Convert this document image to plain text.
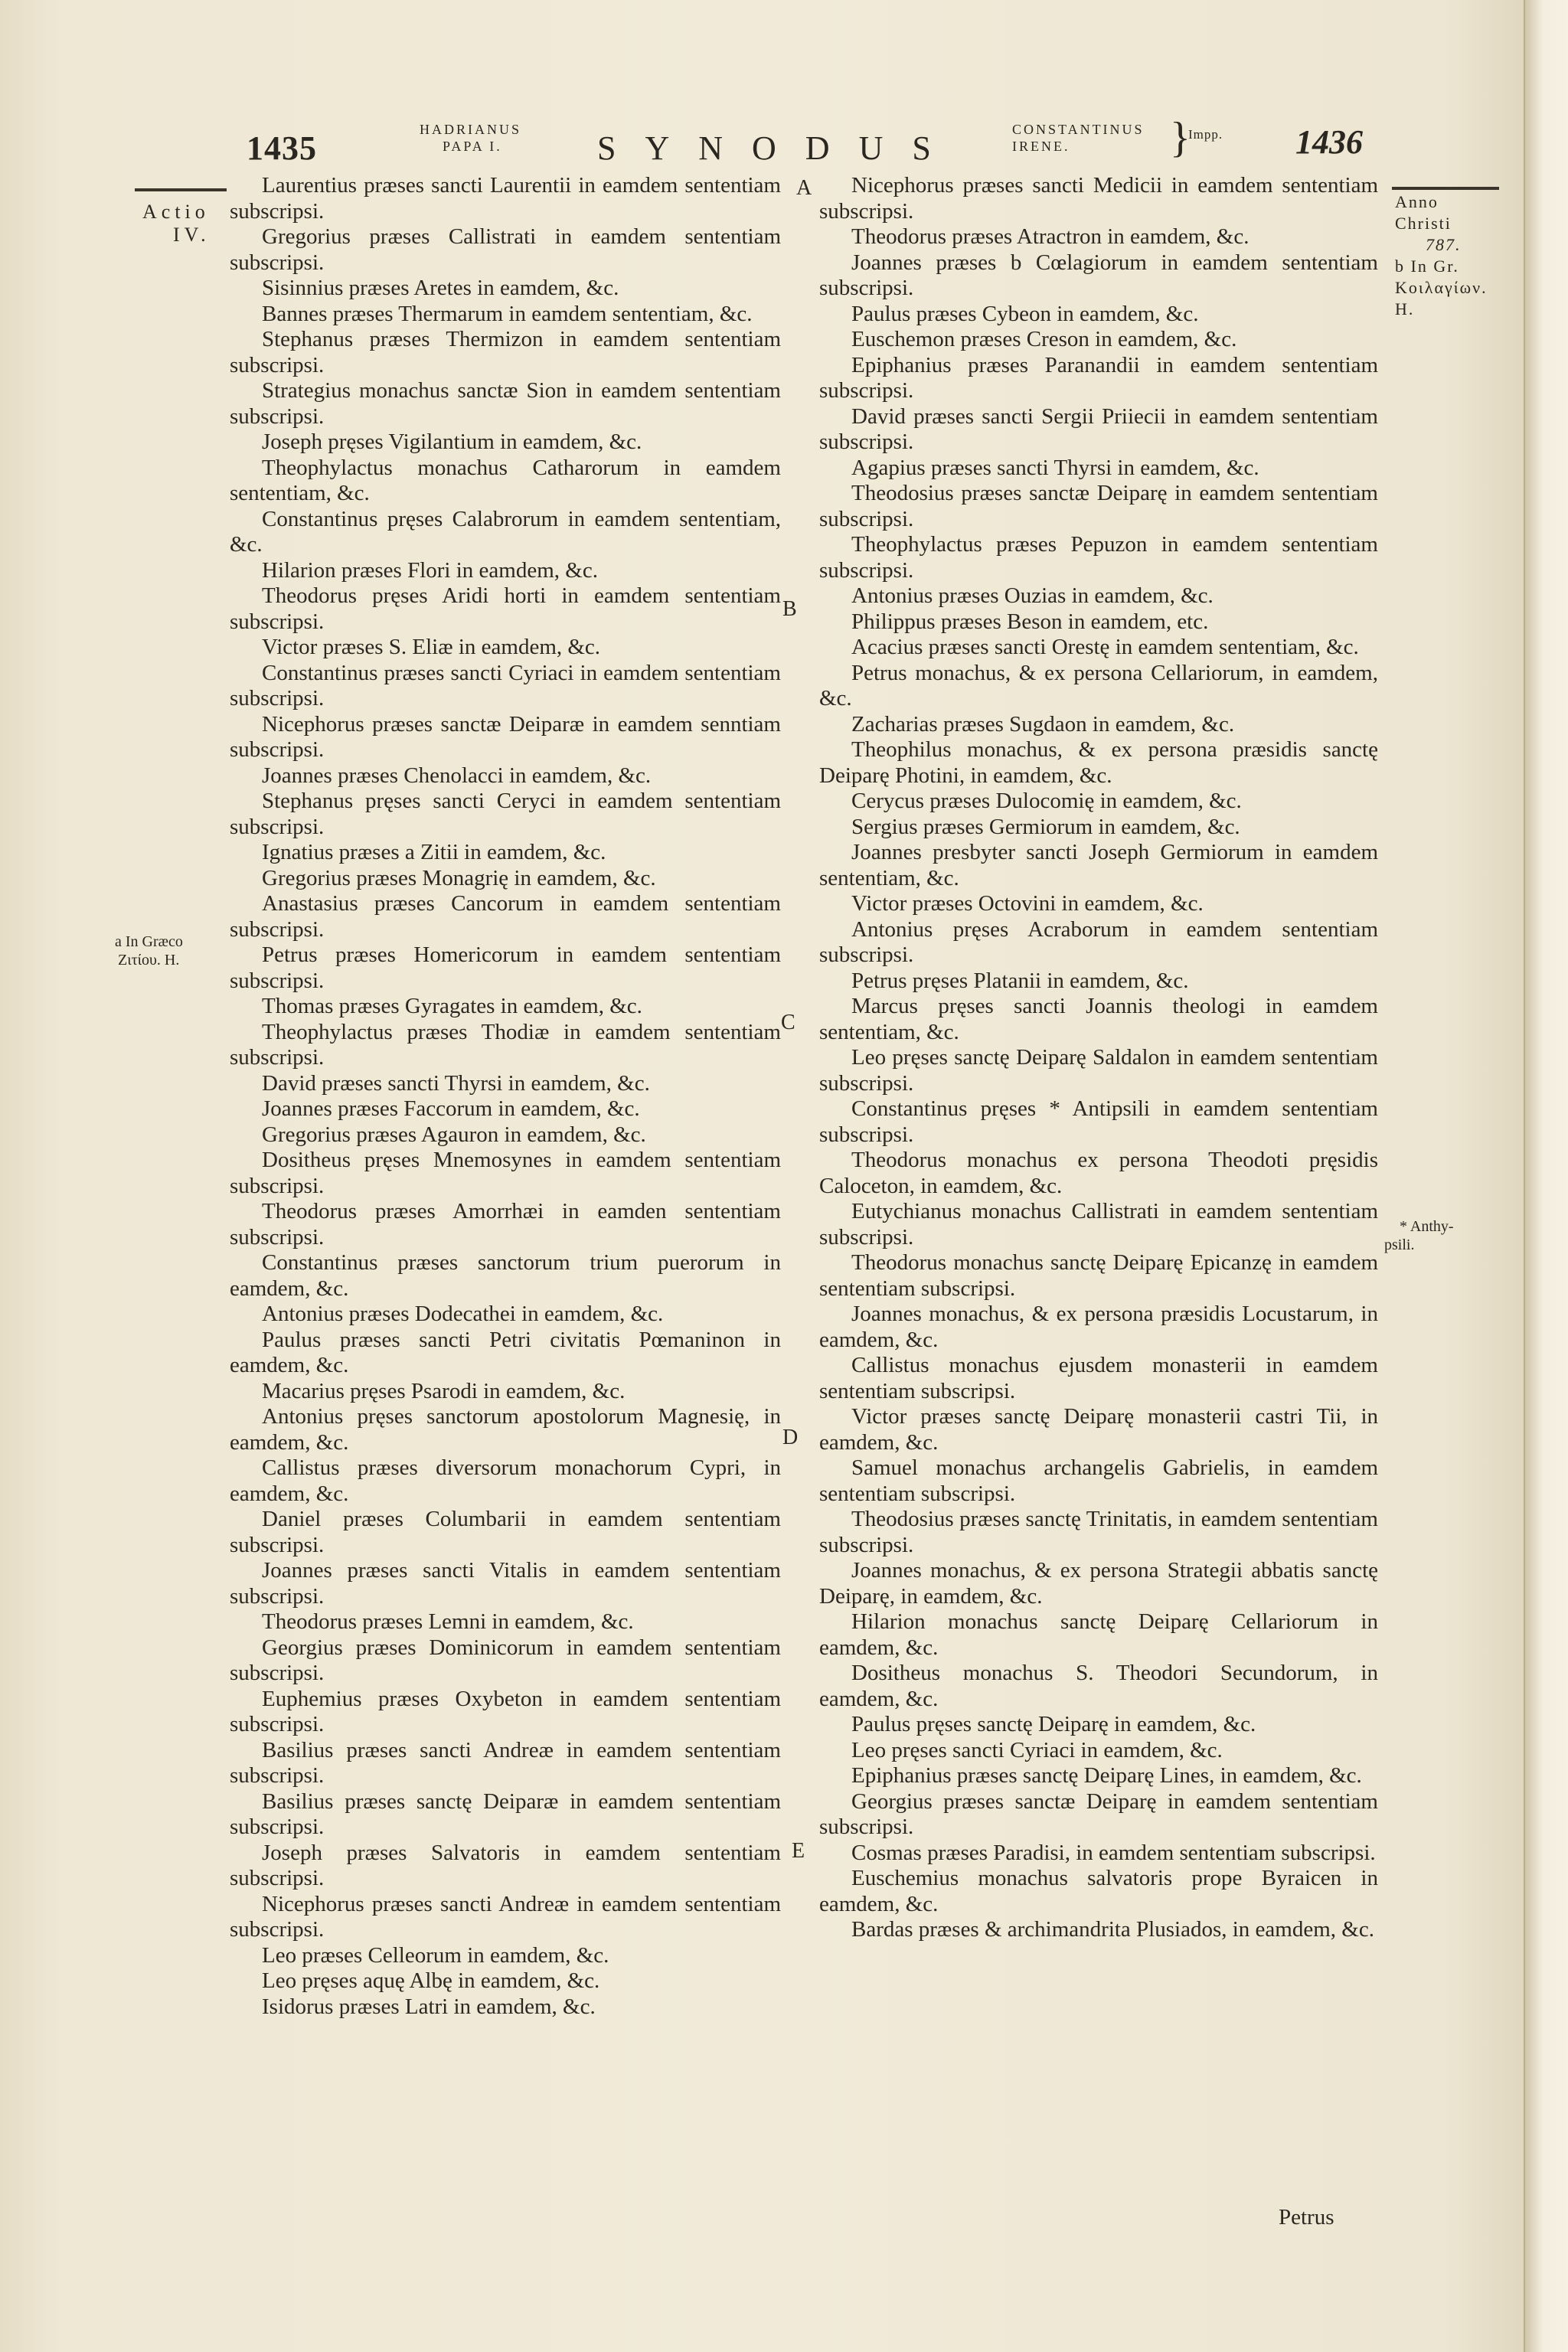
1435	HADRIANUS
PAPA I.	SYNODUS	CONSTANTINUS
IRENE.	}
Impp. 1436
Actio
IV.
a In Græco
Ζιτίου. H.
Anno
Christi
787.
b In Gr.
Κοιλαγίων.
H.
* Anthy-
psili.
A
B
C
D
E

Laurentius præses sancti Laurentii in eamdem sententiam subscripsi.

Gregorius præses Callistrati in eamdem sententiam subscripsi.

Sisinnius præses Aretes in eamdem, &c.

Bannes præses Thermarum in eamdem sententiam, &c.

Stephanus præses Thermizon in eamdem sententiam subscripsi.

Strategius monachus sanctæ Sion in eamdem sententiam subscripsi.

Joseph pręses Vigilantium in eamdem, &c.

Theophylactus monachus Catharorum in eamdem sententiam, &c.

Constantinus pręses Calabrorum in eamdem sententiam, &c.

Hilarion præses Flori in eamdem, &c.

Theodorus pręses Aridi horti in eamdem sententiam subscripsi.

Victor præses S. Eliæ in eamdem, &c.

Constantinus præses sancti Cyriaci in eamdem sententiam subscripsi.

Nicephorus præses sanctæ Deiparæ in eamdem senntiam subscripsi.

Joannes præses Chenolacci in eamdem, &c.

Stephanus pręses sancti Ceryci in eamdem sententiam subscripsi.

Ignatius præses a Zitii in eamdem, &c.

Gregorius præses Monagrię in eamdem, &c.

Anastasius præses Cancorum in eamdem sententiam subscripsi.

Petrus præses Homericorum in eamdem sententiam subscripsi.

Thomas præses Gyragates in eamdem, &c.

Theophylactus præses Thodiæ in eamdem sententiam subscripsi.

David præses sancti Thyrsi in eamdem, &c.

Joannes præses Faccorum in eamdem, &c.

Gregorius præses Agauron in eamdem, &c.

Dositheus pręses Mnemosynes in eamdem sententiam subscripsi.

Theodorus præses Amorrhæi in eamden sententiam subscripsi.

Constantinus præses sanctorum trium puerorum in eamdem, &c.

Antonius præses Dodecathei in eamdem, &c.

Paulus præses sancti Petri civitatis Pœmaninon in eamdem, &c.

Macarius pręses Psarodi in eamdem, &c.

Antonius pręses sanctorum apostolorum Magnesię, in eamdem, &c.

Callistus præses diversorum monachorum Cypri, in eamdem, &c.

Daniel præses Columbarii in eamdem sententiam subscripsi.

Joannes præses sancti Vitalis in eamdem sententiam subscripsi.

Theodorus præses Lemni in eamdem, &c.

Georgius præses Dominicorum in eamdem sententiam subscripsi.

Euphemius præses Oxybeton in eamdem sententiam subscripsi.

Basilius præses sancti Andreæ in eamdem sententiam subscripsi.

Basilius præses sanctę Deiparæ in eamdem sententiam subscripsi.

Joseph præses Salvatoris in eamdem sententiam subscripsi.

Nicephorus præses sancti Andreæ in eamdem sententiam subscripsi.

Leo præses Celleorum in eamdem, &c.

Leo pręses aquę Albę in eamdem, &c.

Isidorus præses Latri in eamdem, &c.

Nicephorus præses sancti Medicii in eamdem sententiam subscripsi.

Theodorus præses Atractron in eamdem, &c.

Joannes præses b Cœlagiorum in eamdem sententiam subscripsi.

Paulus præses Cybeon in eamdem, &c.

Euschemon præses Creson in eamdem, &c.

Epiphanius præses Paranandii in eamdem sententiam subscripsi.

David præses sancti Sergii Priiecii in eamdem sententiam subscripsi.

Agapius præses sancti Thyrsi in eamdem, &c.

Theodosius præses sanctæ Deiparę in eamdem sententiam subscripsi.

Theophylactus præses Pepuzon in eamdem sententiam subscripsi.

Antonius præses Ouzias in eamdem, &c.

Philippus præses Beson in eamdem, etc.

Acacius præses sancti Orestę in eamdem sententiam, &c.

Petrus monachus, & ex persona Cellariorum, in eamdem, &c.

Zacharias præses Sugdaon in eamdem, &c.

Theophilus monachus, & ex persona præsidis sanctę Deiparę Photini, in eamdem, &c.

Cerycus præses Dulocomię in eamdem, &c.

Sergius præses Germiorum in eamdem, &c.

Joannes presbyter sancti Joseph Germiorum in eamdem sententiam, &c.

Victor præses Octovini in eamdem, &c.

Antonius pręses Acraborum in eamdem sententiam subscripsi.

Petrus pręses Platanii in eamdem, &c.

Marcus pręses sancti Joannis theologi in eamdem sententiam, &c.

Leo pręses sanctę Deiparę Saldalon in eamdem sententiam subscripsi.

Constantinus pręses * Antipsili in eamdem sententiam subscripsi.

Theodorus monachus ex persona Theodoti pręsidis Caloceton, in eamdem, &c.

Eutychianus monachus Callistrati in eamdem sententiam subscripsi.

Theodorus monachus sanctę Deiparę Epicanzę in eamdem sententiam subscripsi.

Joannes monachus, & ex persona præsidis Locustarum, in eamdem, &c.

Callistus monachus ejusdem monasterii in eamdem sententiam subscripsi.

Victor præses sanctę Deiparę monasterii castri Tii, in eamdem, &c.

Samuel monachus archangelis Gabrielis, in eamdem sententiam subscripsi.

Theodosius præses sanctę Trinitatis, in eamdem sententiam subscripsi.

Joannes monachus, & ex persona Strategii abbatis sanctę Deiparę, in eamdem, &c.

Hilarion monachus sanctę Deiparę Cellariorum in eamdem, &c.

Dositheus monachus S. Theodori Secundorum, in eamdem, &c.

Paulus pręses sanctę Deiparę in eamdem, &c.

Leo pręses sancti Cyriaci in eamdem, &c.

Epiphanius præses sanctę Deiparę Lines, in eamdem, &c.

Georgius præses sanctæ Deiparę in eamdem sententiam subscripsi.

Cosmas præses Paradisi, in eamdem sententiam subscripsi.

Euschemius monachus salvatoris prope Byraicen in eamdem, &c.

Bardas præses & archimandrita Plusiados, in eamdem, &c.

Petrus
